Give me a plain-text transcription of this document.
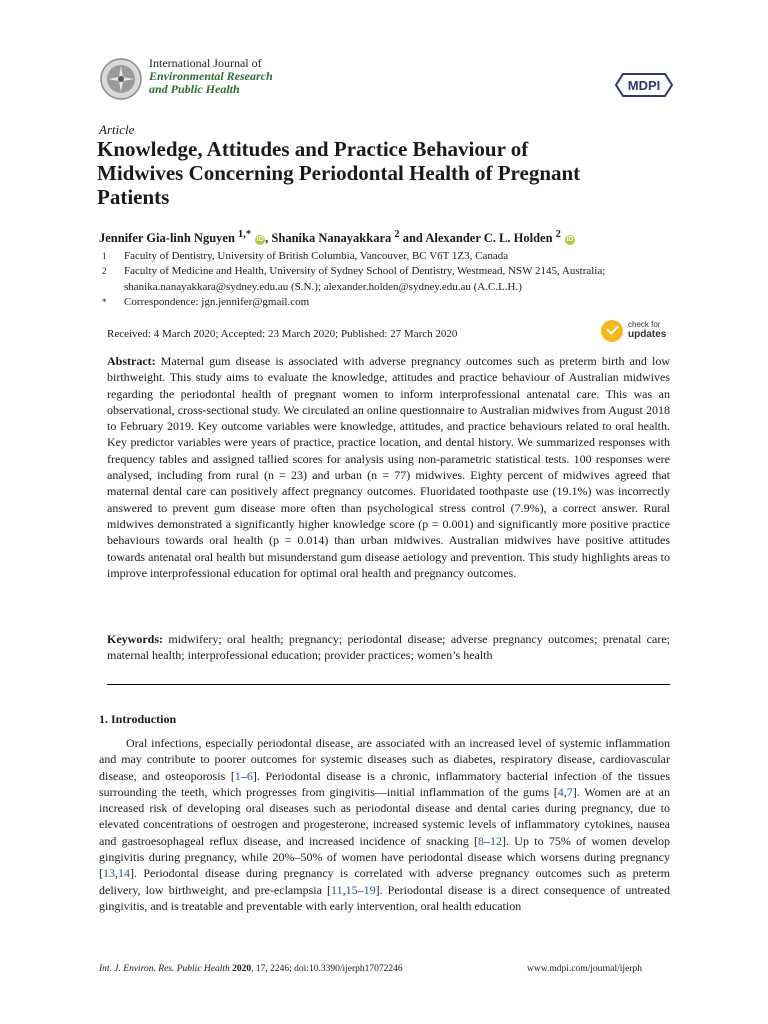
International Journal of
Environmental Research
and Public Health	MDPI
Article
Knowledge, Attitudes and Practice Behaviour of Midwives Concerning Periodontal Health of Pregnant Patients
Jennifer Gia-linh Nguyen $^{1,*}$ iD , Shanika Nanayakkara $^2$ and Alexander C. L. Holden $^2$ iD
1	Faculty of Dentistry, University of British Columbia, Vancouver, BC V6T 1Z3, Canada
2	Faculty of Medicine and Health, University of Sydney School of Dentistry, Westmead, NSW 2145, Australia;
shanika.nanayakkara@sydney.edu.au (S.N.); alexander.holden@sydney.edu.au (A.C.L.H.)
*	Correspondence: jgn.jennifer@gmail.com
Received: 4 March 2020; Accepted: 23 March 2020; Published: 27 March 2020
check for
updates
Abstract: Maternal gum disease is associated with adverse pregnancy outcomes such as preterm birth and low birthweight. This study aims to evaluate the knowledge, attitudes and practice behaviour of Australian midwives regarding the periodontal health of pregnant women to inform interprofessional antenatal care. This was an observational, cross-sectional study. We circulated an online questionnaire to Australian midwives from August 2018 to February 2019. Key outcome variables were knowledge, attitudes, and practice behaviours related to oral health. Key predictor variables were years of practice, practice location, and dental history. We summarized responses with frequency tables and assigned tallied scores for analysis using non-parametric statistical tests. 100 responses were analysed, including from rural (n = 23) and urban (n = 77) midwives. Eighty percent of midwives agreed that maternal dental care can positively affect pregnancy outcomes. Fluoridated toothpaste use (19.1%) was incorrectly answered to prevent gum disease more often than psychological stress control (7.9%), a correct answer. Rural midwives demonstrated a significantly higher knowledge score (p = 0.001) and significantly more positive practice behaviours towards oral health (p = 0.014) than urban midwives. Australian midwives have positive attitudes towards antenatal oral health but misunderstand gum disease aetiology and prevention. This study highlights areas to improve interprofessional education for optimal oral health and pregnancy outcomes.
Keywords: midwifery; oral health; pregnancy; periodontal disease; adverse pregnancy outcomes; prenatal care; maternal health; interprofessional education; provider practices; women’s health
1. Introduction
Oral infections, especially periodontal disease, are associated with an increased level of systemic inflammation and may contribute to poorer outcomes for systemic diseases such as diabetes, respiratory disease, cardiovascular disease, and osteoporosis [1–6]. Periodontal disease is a chronic, inflammatory bacterial infection of the tissues surrounding the teeth, which progresses from gingivitis—initial inflammation of the gums [4,7]. Women are at an increased risk of developing oral diseases such as periodontal disease and dental caries during pregnancy, due to elevated concentrations of oestrogen and progesterone, increased systemic levels of inflammatory cytokines, nausea and gastroesophageal reflux disease, and increased incidence of snacking [8–12]. Up to 75% of women develop gingivitis during pregnancy, while 20%–50% of women have periodontal disease which worsens during pregnancy [13,14]. Periodontal disease during pregnancy is correlated with adverse pregnancy outcomes such as preterm delivery, low birthweight, and pre-eclampsia [11,15–19]. Periodontal disease is a direct consequence of untreated gingivitis, and is treatable and preventable with early intervention, oral health education
Int. J. Environ. Res. Public Health 2020, 17, 2246; doi:10.3390/ijerph17072246	www.mdpi.com/journal/ijerph
